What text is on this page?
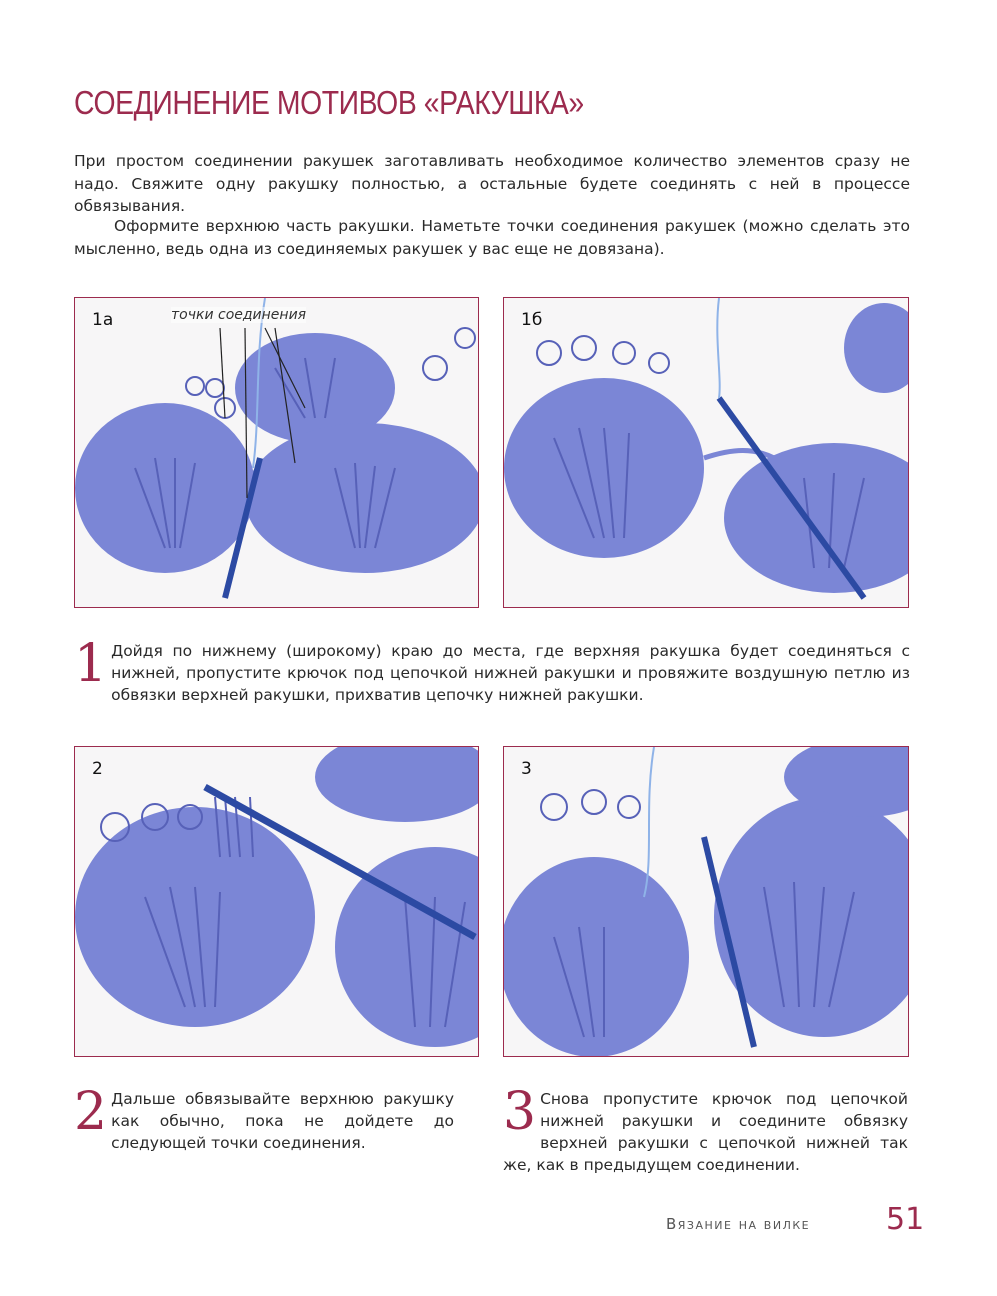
СОЕДИНЕНИЕ МОТИВОВ «РАКУШКА»

При простом соединении ракушек заготавливать необходимое количество элементов сразу не надо. Свяжите одну ракушку полностью, а остальные будете соединять с ней в процессе обвязывания.

Оформите верхнюю часть ракушки. Наметьте точки соединения ракушек (можно сделать это мысленно, ведь одна из соединяемых ракушек у вас еще не довязана).

1а	точки соединения	1б

1 Дойдя по нижнему (широкому) краю до места, где верхняя ракушка будет соединяться с нижней, пропустите крючок под цепочкой нижней ракушки и провяжите воздушную петлю из обвязки верхней ракушки, прихватив цепочку нижней ракушки.

2	3

2 Дальше обвязывайте верхнюю ракушку как обычно, пока не дойдете до следующей точки соединения.

3 Снова пропустите крючок под цепочкой нижней ракушки и соедините обвязку верхней ракушки с цепочкой нижней так же, как в предыдущем соединении.

Вязание на вилке	51
